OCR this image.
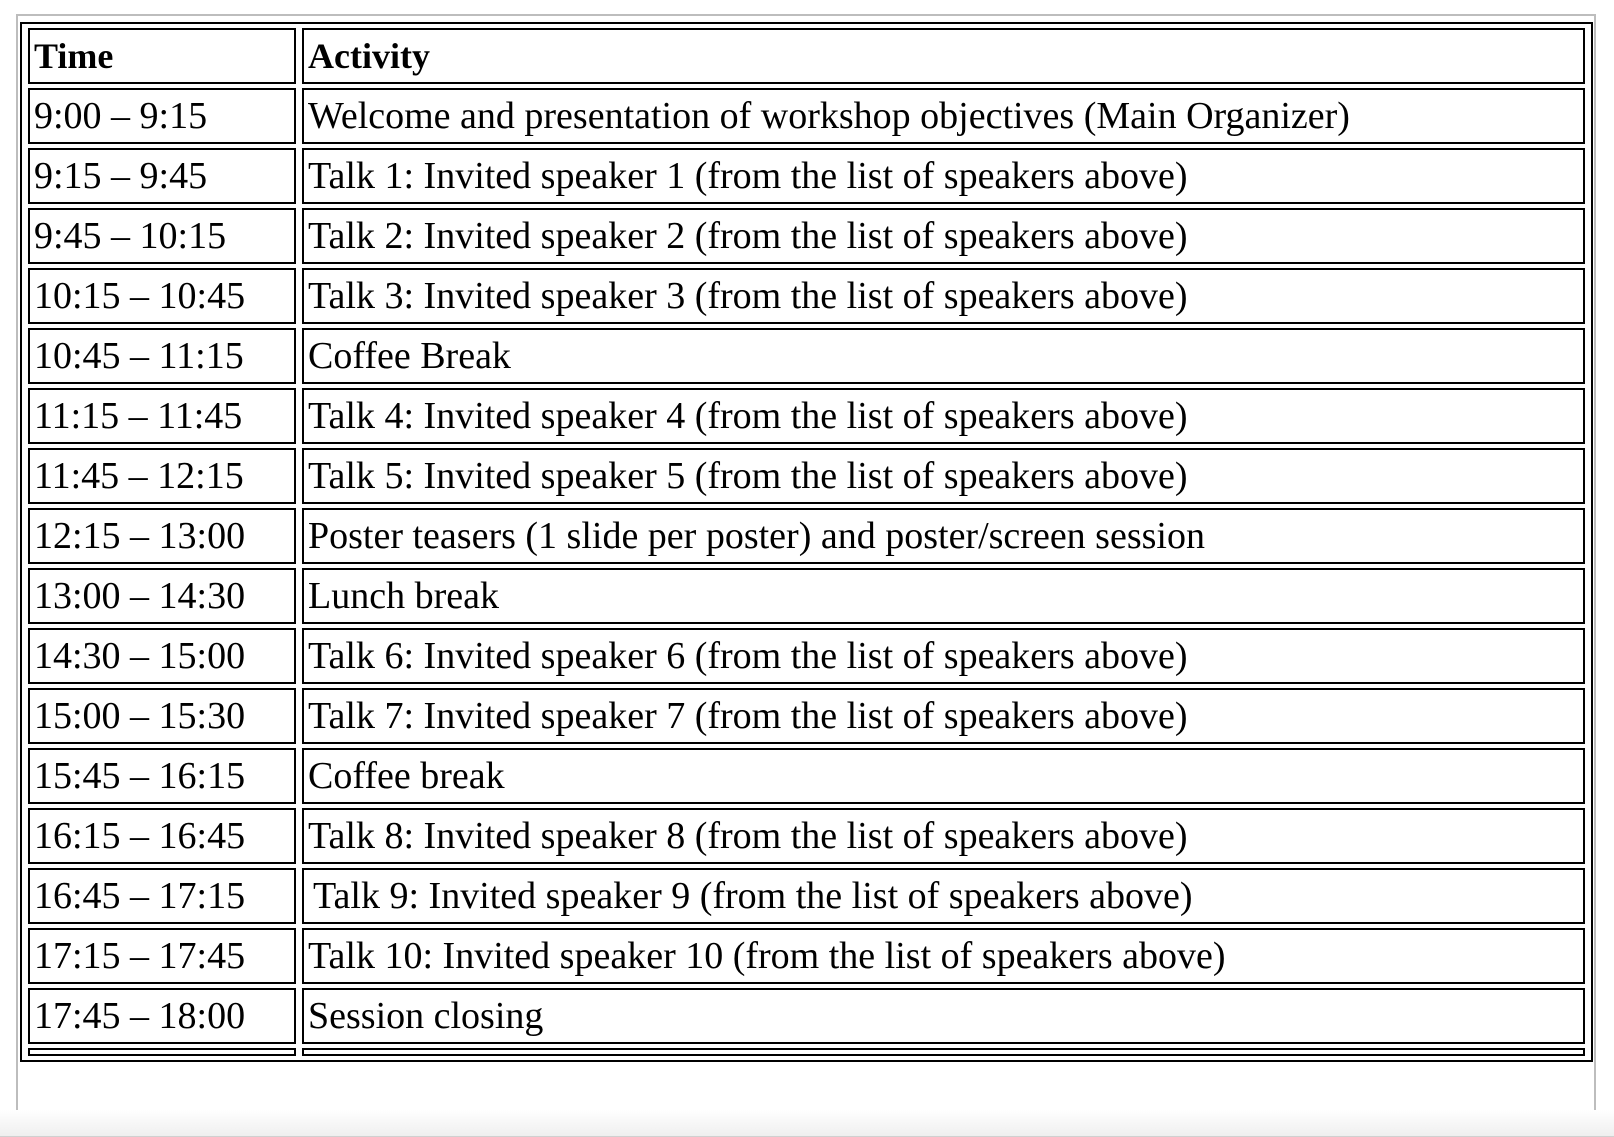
Time	Activity
9:00 – 9:15	Welcome and presentation of workshop objectives (Main Organizer)
9:15 – 9:45	Talk 1: Invited speaker 1 (from the list of speakers above)
9:45 – 10:15	Talk 2: Invited speaker 2 (from the list of speakers above)
10:15 – 10:45	Talk 3: Invited speaker 3 (from the list of speakers above)
10:45 – 11:15	Coffee Break
11:15 – 11:45	Talk 4: Invited speaker 4 (from the list of speakers above)
11:45 – 12:15	Talk 5: Invited speaker 5 (from the list of speakers above)
12:15 – 13:00	Poster teasers (1 slide per poster) and poster/screen session
13:00 – 14:30	Lunch break
14:30 – 15:00	Talk 6: Invited speaker 6 (from the list of speakers above)
15:00 – 15:30	Talk 7: Invited speaker 7 (from the list of speakers above)
15:45 – 16:15	Coffee break
16:15 – 16:45	Talk 8: Invited speaker 8 (from the list of speakers above)
16:45 – 17:15	Talk 9: Invited speaker 9 (from the list of speakers above)
17:15 – 17:45	Talk 10: Invited speaker 10 (from the list of speakers above)
17:45 – 18:00	Session closing
